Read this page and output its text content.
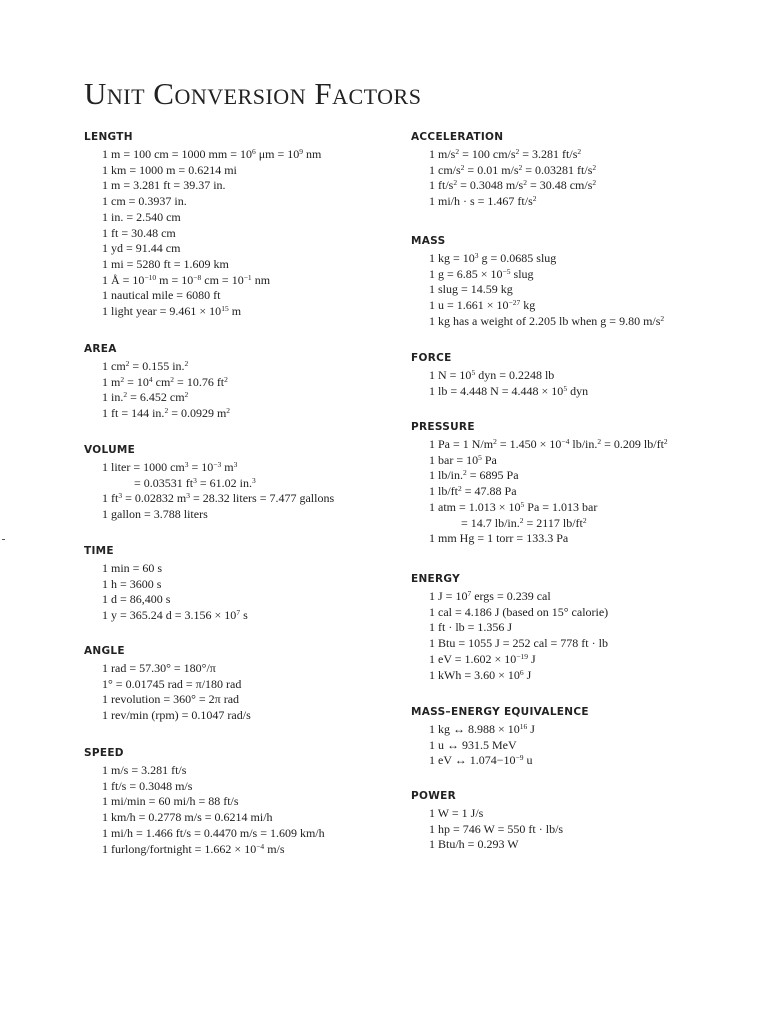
Unit Conversion Factors
LENGTH
1 m = 100 cm = 1000 mm = $10^6$ $\mu m = 10^9$ nm
1 km = 1000 m = 0.6214 mi
1 m = 3.281 ft = 39.37 in.
1 cm = 0.3937 in.
1 in. = 2.540 cm
1 ft = 30.48 cm
1 yd = 91.44 cm
1 mi = 5280 ft = 1.609 km
1 Å = $10^{-10}$ $m = 10^{-8}$ cm = $10^{-1}$ nm
1 nautical mile = 6080 ft
1 light year = $9.461 \times 10^{15}$ m
AREA
1 $cm^2 = 0.155$ in.$^2$
1 $m^2 = 10^4$ $cm^2 = 10.76$ $ft^2$
1 in.$^2$ = 6.452 $cm^2$
1 ft = 144 in.$^2$ = 0.0929 $m^2$
VOLUME
1 liter = 1000 $cm^3 = 10^{-3}$ $m^3$
= 0.03531 $ft^3 = 61.02$ in.$^3$
1 $ft^3 = 0.02832$ $m^3 = 28.32$ liters = 7.477 gallons
1 gallon = 3.788 liters
TIME
1 min = 60 s
1 h = 3600 s
1 d = 86,400 s
1 y = 365.24 $d = 3.156 \times 10^7$ s
ANGLE
1 rad = 57.30° = 180°/π
1° = 0.01745 rad = π/180 rad
1 revolution = 360° = 2π rad
1 rev/min (rpm) = 0.1047 rad/s
SPEED
1 m/s = 3.281 ft/s
1 ft/s = 0.3048 m/s
1 mi/min = 60 mi/h = 88 ft/s
1 km/h = 0.2778 m/s = 0.6214 mi/h
1 mi/h = 1.466 ft/s = 0.4470 m/s = 1.609 km/h
1 furlong/fortnight = $1.662 \times 10^{-4}$ m/s
ACCELERATION
1 $m/s^2 = 100$ $cm/s^2 = 3.281$ $ft/s^2$
1 $cm/s^2 = 0.01$ $m/s^2 = 0.03281$ $ft/s^2$
1 $ft/s^2 = 0.3048$ $m/s^2 = 30.48$ $cm/s^2$
1 mi/h · s = 1.467 $ft/s^2$
MASS
1 kg = $10^3$ g = 0.0685 slug
1 $g = 6.85 \times 10^{-5}$ slug
1 slug = 14.59 kg
1 $u = 1.661 \times 10^{-27}$ kg
1 kg has a weight of 2.205 lb when g = 9.80 $m/s^2$
FORCE
1 $N = 10^5$ dyn = 0.2248 lb
1 lb = 4.448 $N = 4.448 \times 10^5$ dyn
PRESSURE
1 Pa = 1 $N/m^2 = 1.450 \times 10^{-4}$ lb/in.$^2$ = 0.209 $lb/ft^2$
1 bar = $10^5$ Pa
1 lb/in.$^2$ = 6895 Pa
1 $lb/ft^2 = 47.88$ Pa
1 atm = $1.013 \times 10^5$ Pa = 1.013 bar
= 14.7 lb/in.$^2$ = 2117 $lb/ft^2$
1 mm Hg = 1 torr = 133.3 Pa
ENERGY
1 $J = 10^7$ ergs = 0.239 cal
1 cal = 4.186 J (based on 15° calorie)
1 ft · lb = 1.356 J
1 Btu = 1055 J = 252 cal = 778 ft · lb
1 eV = $1.602 \times 10^{-19}$ J
1 kWh = $3.60 \times 10^6$ J
MASS–ENERGY EQUIVALENCE
1 kg ↔ $8.988 \times 10^{16}$ J
1 u ↔ 931.5 MeV
1 eV ↔ $1.074-10^{-9}$ u
POWER
1 W = 1 J/s
1 hp = 746 W = 550 ft · lb/s
1 Btu/h = 0.293 W
